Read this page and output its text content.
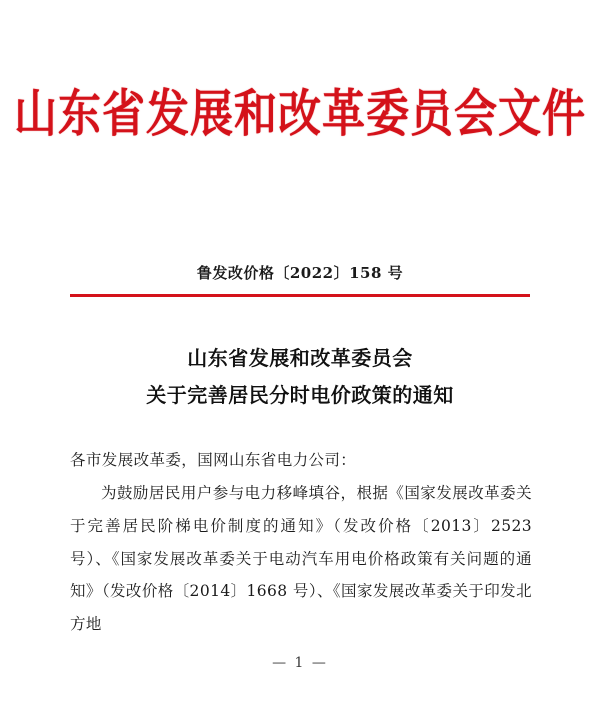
山东省发展和改革委员会文件
鲁发改价格〔2022〕158 号
山东省发展和改革委员会
关于完善居民分时电价政策的通知

各市发展改革委，国网山东省电力公司：

为鼓励居民用户参与电力移峰填谷，根据《国家发展改革委关于完善居民阶梯电价制度的通知》（发改价格〔2013〕2523 号）、《国家发展改革委关于电动汽车用电价格政策有关问题的通知》（发改价格〔2014〕1668 号）、《国家发展改革委关于印发北方地

— 1 —
